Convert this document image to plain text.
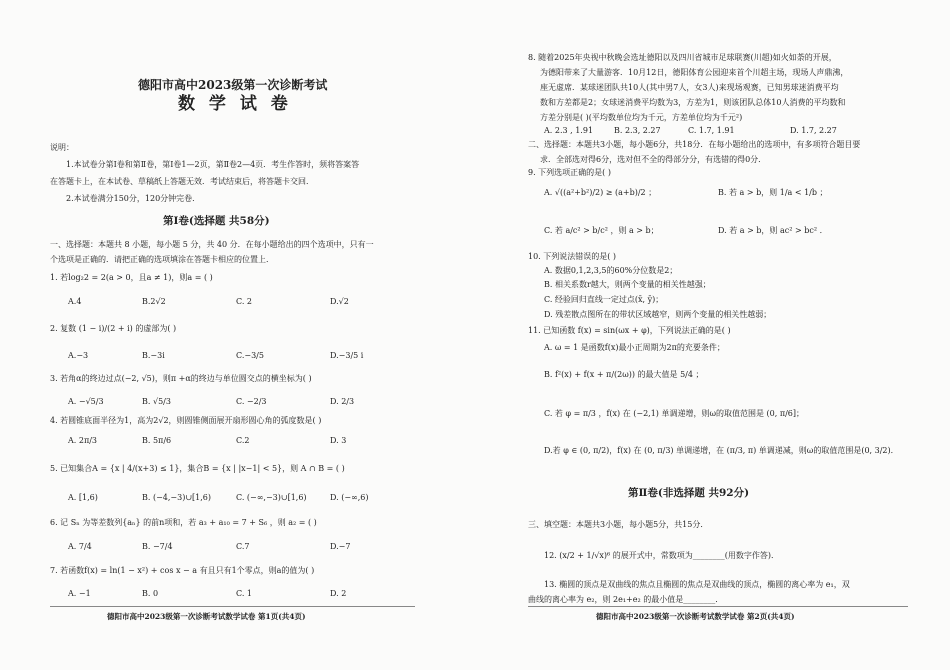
德阳市高中2023级第一次诊断考试
数 学 试 卷
说明：
1.本试卷分第Ⅰ卷和第Ⅱ卷，第Ⅰ卷1—2页，第Ⅱ卷2—4页．考生作答时，须将答案答
在答题卡上，在本试卷、草稿纸上答题无效．考试结束后，将答题卡交回．
2.本试卷满分150分，120分钟完卷．
第Ⅰ卷(选择题 共58分)
一、选择题：本题共 8 小题，每小题 5 分，共 40 分．在每小题给出的四个选项中，只有一
个选项是正确的．请把正确的选项填涂在答题卡相应的位置上．
1. 若log₂2 = 2(a > 0，且a ≠ 1)，则a = ( )
A.4	B.2√2	C. 2	D.√2
2. 复数 (1 − i)/(2 + i) 的虚部为( )
A.−3	B.−3i	C.−3/5	D.−3/5 i
3. 若角α的终边过点(−2, √5)，则π +α的终边与单位圆交点的横坐标为( )
A. −√5/3	B. √5/3	C. −2/3	D. 2/3
4. 若圆锥底面半径为1，高为2√2，则圆锥侧面展开扇形圆心角的弧度数是( )
A. 2π/3	B. 5π/6	C.2	D. 3
5. 已知集合A = {x | 4/(x+3) ≤ 1}，集合B = {x | |x−1| < 5}，则 A ∩ B = ( )
A. [1,6)	B. (−4,−3)∪[1,6)	C. (−∞,−3)∪[1,6)	D. (−∞,6)
6. 记 Sₙ 为等差数列{aₙ} 的前n项和，若 a₃ + a₁₀ = 7 + S₆ ，则 a₂ = ( )
A. 7/4	B. −7/4	C.7	D.−7
7. 若函数f(x) = ln(1 − x²) + cos x − a 有且只有1个零点，则a的值为( )
A. −1	B. 0	C. 1	D. 2
德阳市高中2023级第一次诊断考试数学试卷 第1页(共4页)
8. 随着2025年央视中秋晚会选址德阳以及四川省城市足球联赛(川超)如火如荼的开展，
为德阳带来了大量游客．10月12日，德阳体育公园迎来首个川超主场，现场人声鼎沸，
座无虚席．某球迷团队共10人(其中男7人，女3人)来现场观赛，已知男球迷消费平均
数和方差都是2；女球迷消费平均数为3，方差为1，则该团队总体10人消费的平均数和
方差分别是( )(平均数单位均为千元，方差单位均为千元²)
A. 2.3 , 1.91	B. 2.3, 2.27	C. 1.7, 1.91	D. 1.7, 2.27
二、选择题：本题共3小题，每小题6分，共18分．在每小题给出的选项中，有多项符合题目要
求．全部选对得6分，选对但不全的得部分分，有选错的得0分．
9. 下列选项正确的是( )
A. √((a²+b²)/2) ≥ (a+b)/2 ；	B. 若 a > b，则 1/a < 1/b ；
C. 若 a/c² > b/c² ，则 a > b；	D. 若 a > b，则 ac² > bc² ．
10. 下列说法错误的是( )
A. 数据0,1,2,3,5的60%分位数是2；
B. 相关系数r越大，则两个变量的相关性越强；
C. 经验回归直线一定过点(x̄, ȳ)；
D. 残差散点图所在的带状区域越窄，则两个变量的相关性越弱；
11. 已知函数 f(x) = sin(ωx + φ)，下列说法正确的是( )
A. ω = 1 是函数f(x)最小正周期为2π的充要条件；
B. f²(x) + f(x + π/(2ω)) 的最大值是 5/4 ；
C. 若 φ = π/3 ，f(x) 在 (−2,1) 单调递增，则ω的取值范围是 (0, π/6]；
D.若 φ ∈ (0, π/2)，f(x) 在 (0, π/3) 单调递增，在 (π/3, π) 单调递减，则ω的取值范围是(0, 3/2)．
第Ⅱ卷(非选择题 共92分)
三、填空题：本题共3小题，每小题5分，共15分．
12. (x/2 + 1/√x)⁶ 的展开式中，常数项为________(用数字作答)．
13. 椭圆的顶点是双曲线的焦点且椭圆的焦点是双曲线的顶点，椭圆的离心率为 e₁，双
曲线的离心率为 e₂，则 2e₁+e₂ 的最小值是________．
德阳市高中2023级第一次诊断考试数学试卷 第2页(共4页)
